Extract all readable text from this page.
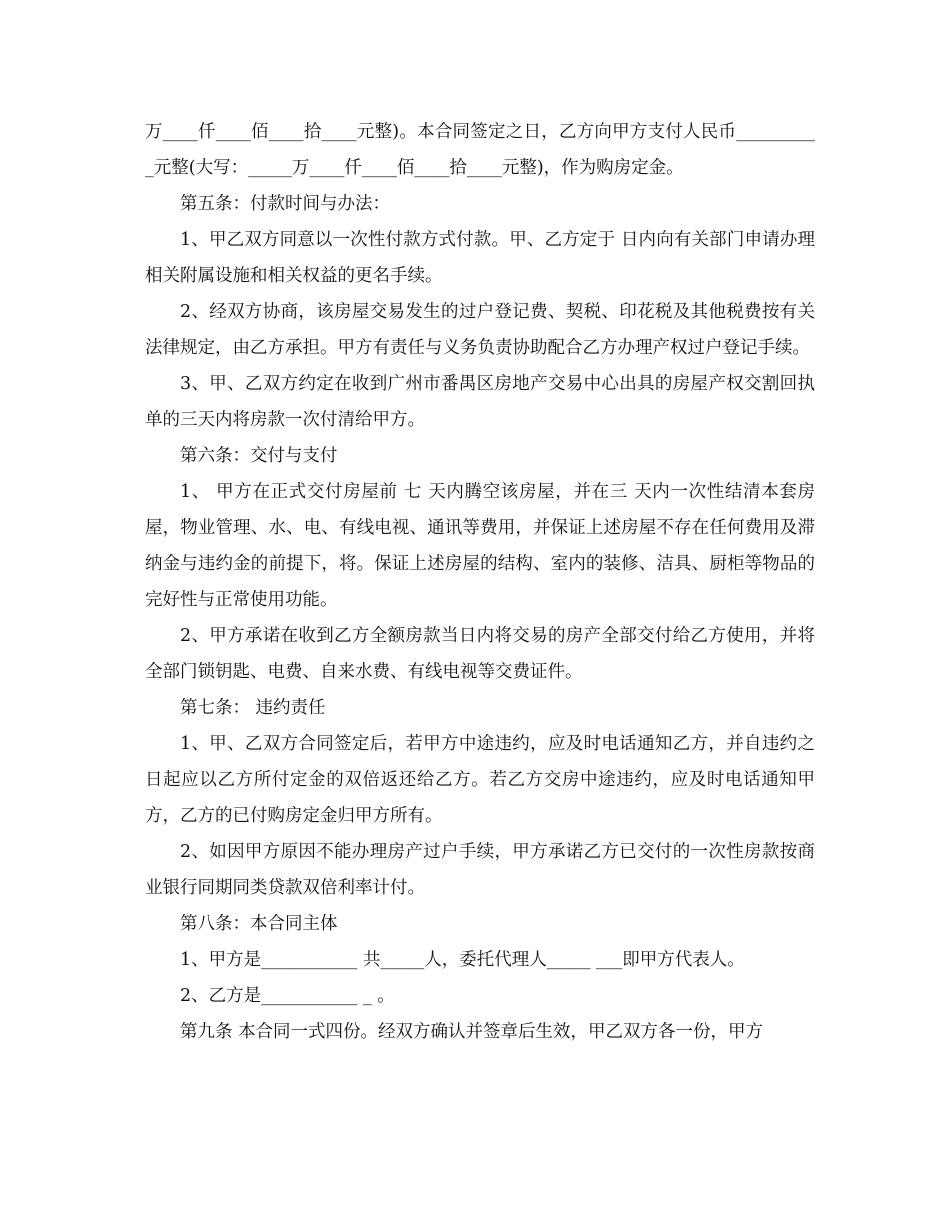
万____仟____佰____拾____元整)。本合同签定之日，乙方向甲方支付人民币__________元整(大写：_____万____仟____佰____拾____元整)，作为购房定金。

第五条：付款时间与办法：

1、甲乙双方同意以一次性付款方式付款。甲、乙方定于 日内向有关部门申请办理相关附属设施和相关权益的更名手续。

2、经双方协商，该房屋交易发生的过户登记费、契税、印花税及其他税费按有关法律规定，由乙方承担。甲方有责任与义务负责协助配合乙方办理产权过户登记手续。

3、甲、乙双方约定在收到广州市番禺区房地产交易中心出具的房屋产权交割回执单的三天内将房款一次付清给甲方。

第六条：交付与支付

1、 甲方在正式交付房屋前 七 天内腾空该房屋，并在三 天内一次性结清本套房屋，物业管理、水、电、有线电视、通讯等费用，并保证上述房屋不存在任何费用及滞纳金与违约金的前提下，将。保证上述房屋的结构、室内的装修、洁具、厨柜等物品的完好性与正常使用功能。

2、甲方承诺在收到乙方全额房款当日内将交易的房产全部交付给乙方使用，并将全部门锁钥匙、电费、自来水费、有线电视等交费证件。

第七条： 违约责任

1、甲、乙双方合同签定后，若甲方中途违约，应及时电话通知乙方，并自违约之日起应以乙方所付定金的双倍返还给乙方。若乙方交房中途违约，应及时电话通知甲方，乙方的已付购房定金归甲方所有。

2、如因甲方原因不能办理房产过户手续，甲方承诺乙方已交付的一次性房款按商业银行同期同类贷款双倍利率计付。

第八条：本合同主体

1、甲方是___________ 共_____人，委托代理人_____ ___即甲方代表人。

2、乙方是___________ _ 。

第九条 本合同一式四份。经双方确认并签章后生效，甲乙双方各一份，甲方
